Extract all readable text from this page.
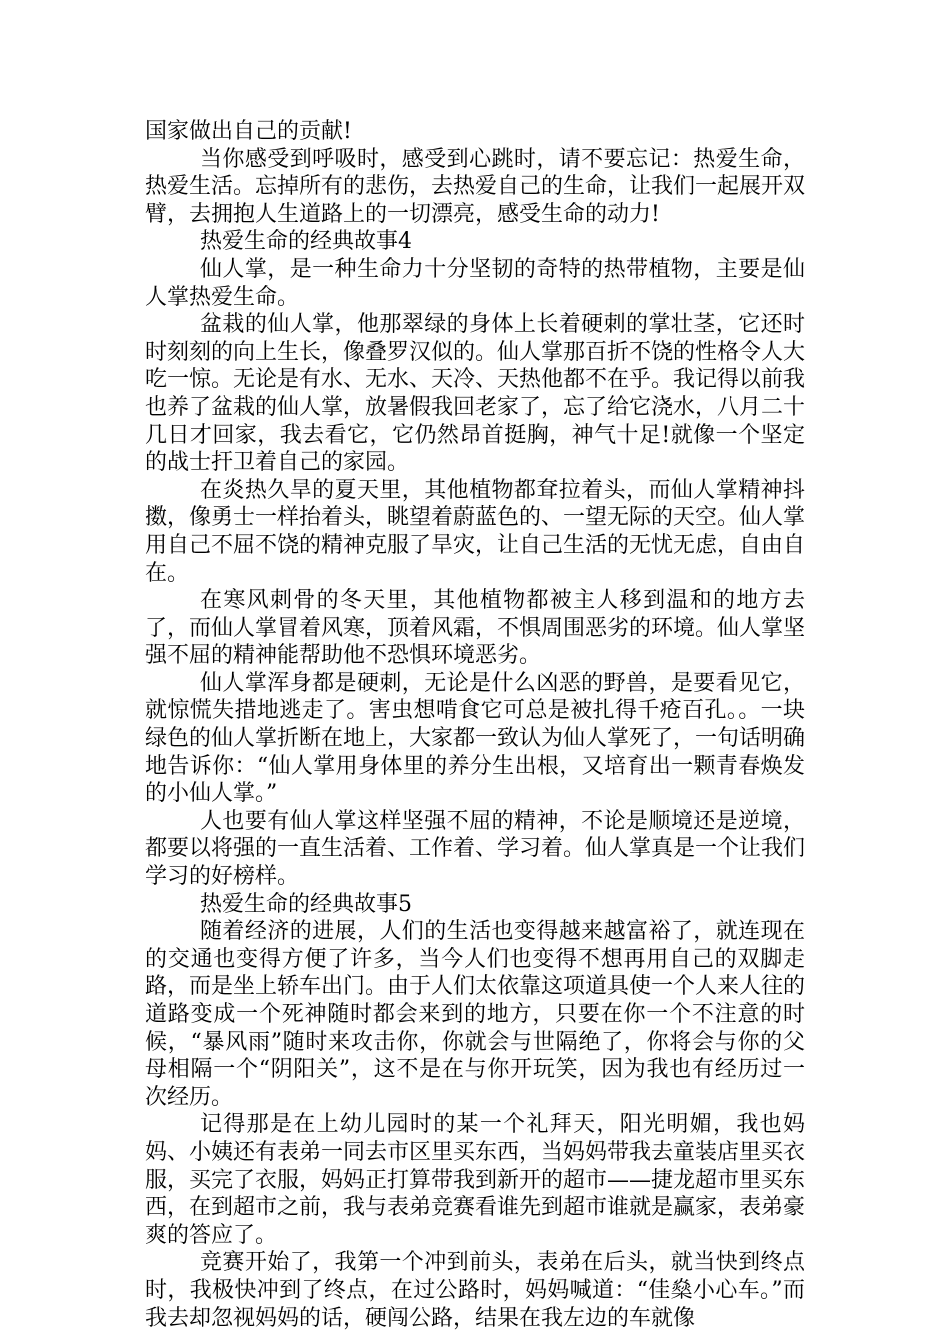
国家做出自己的贡献!

当你感受到呼吸时，感受到心跳时，请不要忘记：热爱生命，热爱生活。忘掉所有的悲伤，去热爱自己的生命，让我们一起展开双臂，去拥抱人生道路上的一切漂亮，感受生命的动力!

热爱生命的经典故事4

仙人掌，是一种生命力十分坚韧的奇特的热带植物，主要是仙人掌热爱生命。

盆栽的仙人掌，他那翠绿的身体上长着硬刺的掌壮茎，它还时时刻刻的向上生长，像叠罗汉似的。仙人掌那百折不饶的性格令人大吃一惊。无论是有水、无水、天冷、天热他都不在乎。我记得以前我也养了盆栽的仙人掌，放暑假我回老家了，忘了给它浇水，八月二十几日才回家，我去看它，它仍然昂首挺胸，神气十足!就像一个坚定的战士扞卫着自己的家园。

在炎热久旱的夏天里，其他植物都耷拉着头，而仙人掌精神抖擞，像勇士一样抬着头，眺望着蔚蓝色的、一望无际的天空。仙人掌用自己不屈不饶的精神克服了旱灾，让自己生活的无忧无虑，自由自在。

在寒风刺骨的冬天里，其他植物都被主人移到温和的地方去了，而仙人掌冒着风寒，顶着风霜，不惧周围恶劣的环境。仙人掌坚强不屈的精神能帮助他不恐惧环境恶劣。

仙人掌浑身都是硬刺，无论是什么凶恶的野兽，是要看见它，就惊慌失措地逃走了。害虫想啃食它可总是被扎得千疮百孔。。一块绿色的仙人掌折断在地上，大家都一致认为仙人掌死了，一句话明确地告诉你：“仙人掌用身体里的养分生出根，又培育出一颗青春焕发的小仙人掌。”

人也要有仙人掌这样坚强不屈的精神，不论是顺境还是逆境，都要以将强的一直生活着、工作着、学习着。仙人掌真是一个让我们学习的好榜样。

热爱生命的经典故事5

随着经济的进展，人们的生活也变得越来越富裕了，就连现在的交通也变得方便了许多，当今人们也变得不想再用自己的双脚走路，而是坐上轿车出门。由于人们太依靠这项道具使一个人来人往的道路变成一个死神随时都会来到的地方，只要在你一个不注意的时候，“暴风雨”随时来攻击你，你就会与世隔绝了，你将会与你的父母相隔一个“阴阳关”，这不是在与你开玩笑，因为我也有经历过一次经历。

记得那是在上幼儿园时的某一个礼拜天，阳光明媚，我也妈妈、小姨还有表弟一同去市区里买东西，当妈妈带我去童装店里买衣服，买完了衣服，妈妈正打算带我到新开的超市——捷龙超市里买东西，在到超市之前，我与表弟竞赛看谁先到超市谁就是赢家，表弟豪爽的答应了。

竞赛开始了，我第一个冲到前头，表弟在后头，就当快到终点时，我极快冲到了终点，在过公路时，妈妈喊道：“佳燊小心车。”而我去却忽视妈妈的话，硬闯公路，结果在我左边的车就像
